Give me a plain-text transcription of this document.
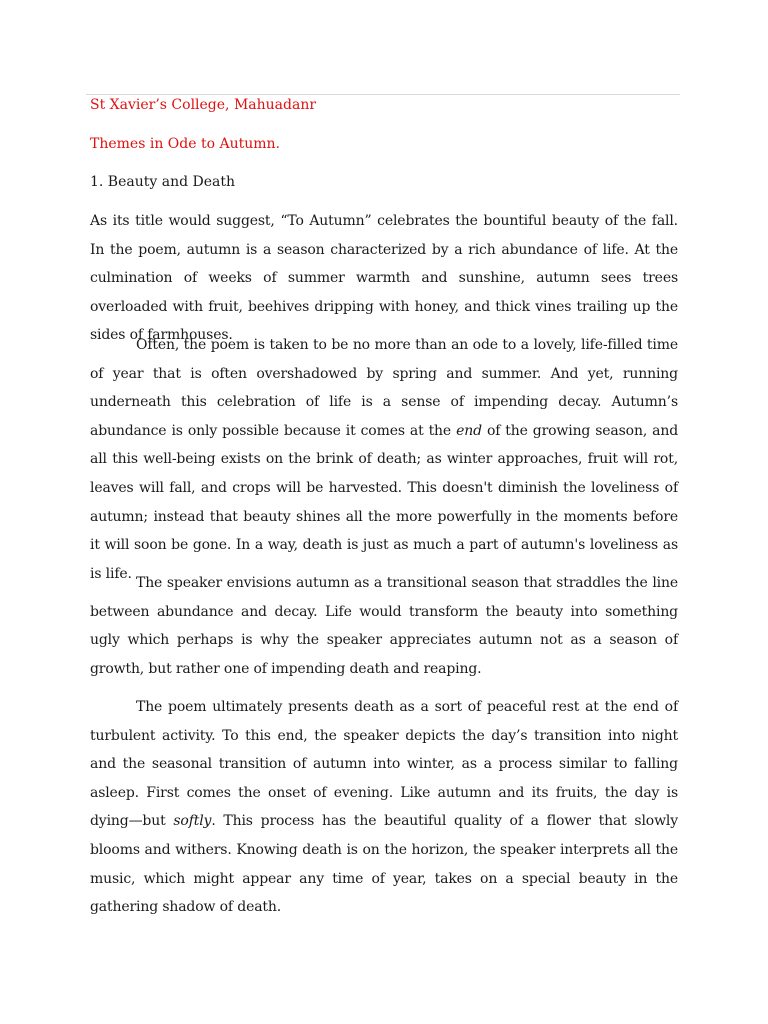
St Xavier’s College, Mahuadanr
Themes in Ode to Autumn.
1. Beauty and Death

As its title would suggest, “To Autumn” celebrates the bountiful beauty of the fall. In the poem, autumn is a season characterized by a rich abundance of life. At the culmination of weeks of summer warmth and sunshine, autumn sees trees overloaded with fruit, beehives dripping with honey, and thick vines trailing up the sides of farmhouses.

Often, the poem is taken to be no more than an ode to a lovely, life-filled time of year that is often overshadowed by spring and summer. And yet, running underneath this celebration of life is a sense of impending decay. Autumn’s abundance is only possible because it comes at the end of the growing season, and all this well-being exists on the brink of death; as winter approaches, fruit will rot, leaves will fall, and crops will be harvested. This doesn't diminish the loveliness of autumn; instead that beauty shines all the more powerfully in the moments before it will soon be gone. In a way, death is just as much a part of autumn's loveliness as is life.

The speaker envisions autumn as a transitional season that straddles the line between abundance and decay. Life would transform the beauty into something ugly which perhaps is why the speaker appreciates autumn not as a season of growth, but rather one of impending death and reaping.

The poem ultimately presents death as a sort of peaceful rest at the end of turbulent activity. To this end, the speaker depicts the day’s transition into night and the seasonal transition of autumn into winter, as a process similar to falling asleep. First comes the onset of evening. Like autumn and its fruits, the day is dying—but softly. This process has the beautiful quality of a flower that slowly blooms and withers. Knowing death is on the horizon, the speaker interprets all the music, which might appear any time of year, takes on a special beauty in the gathering shadow of death.
